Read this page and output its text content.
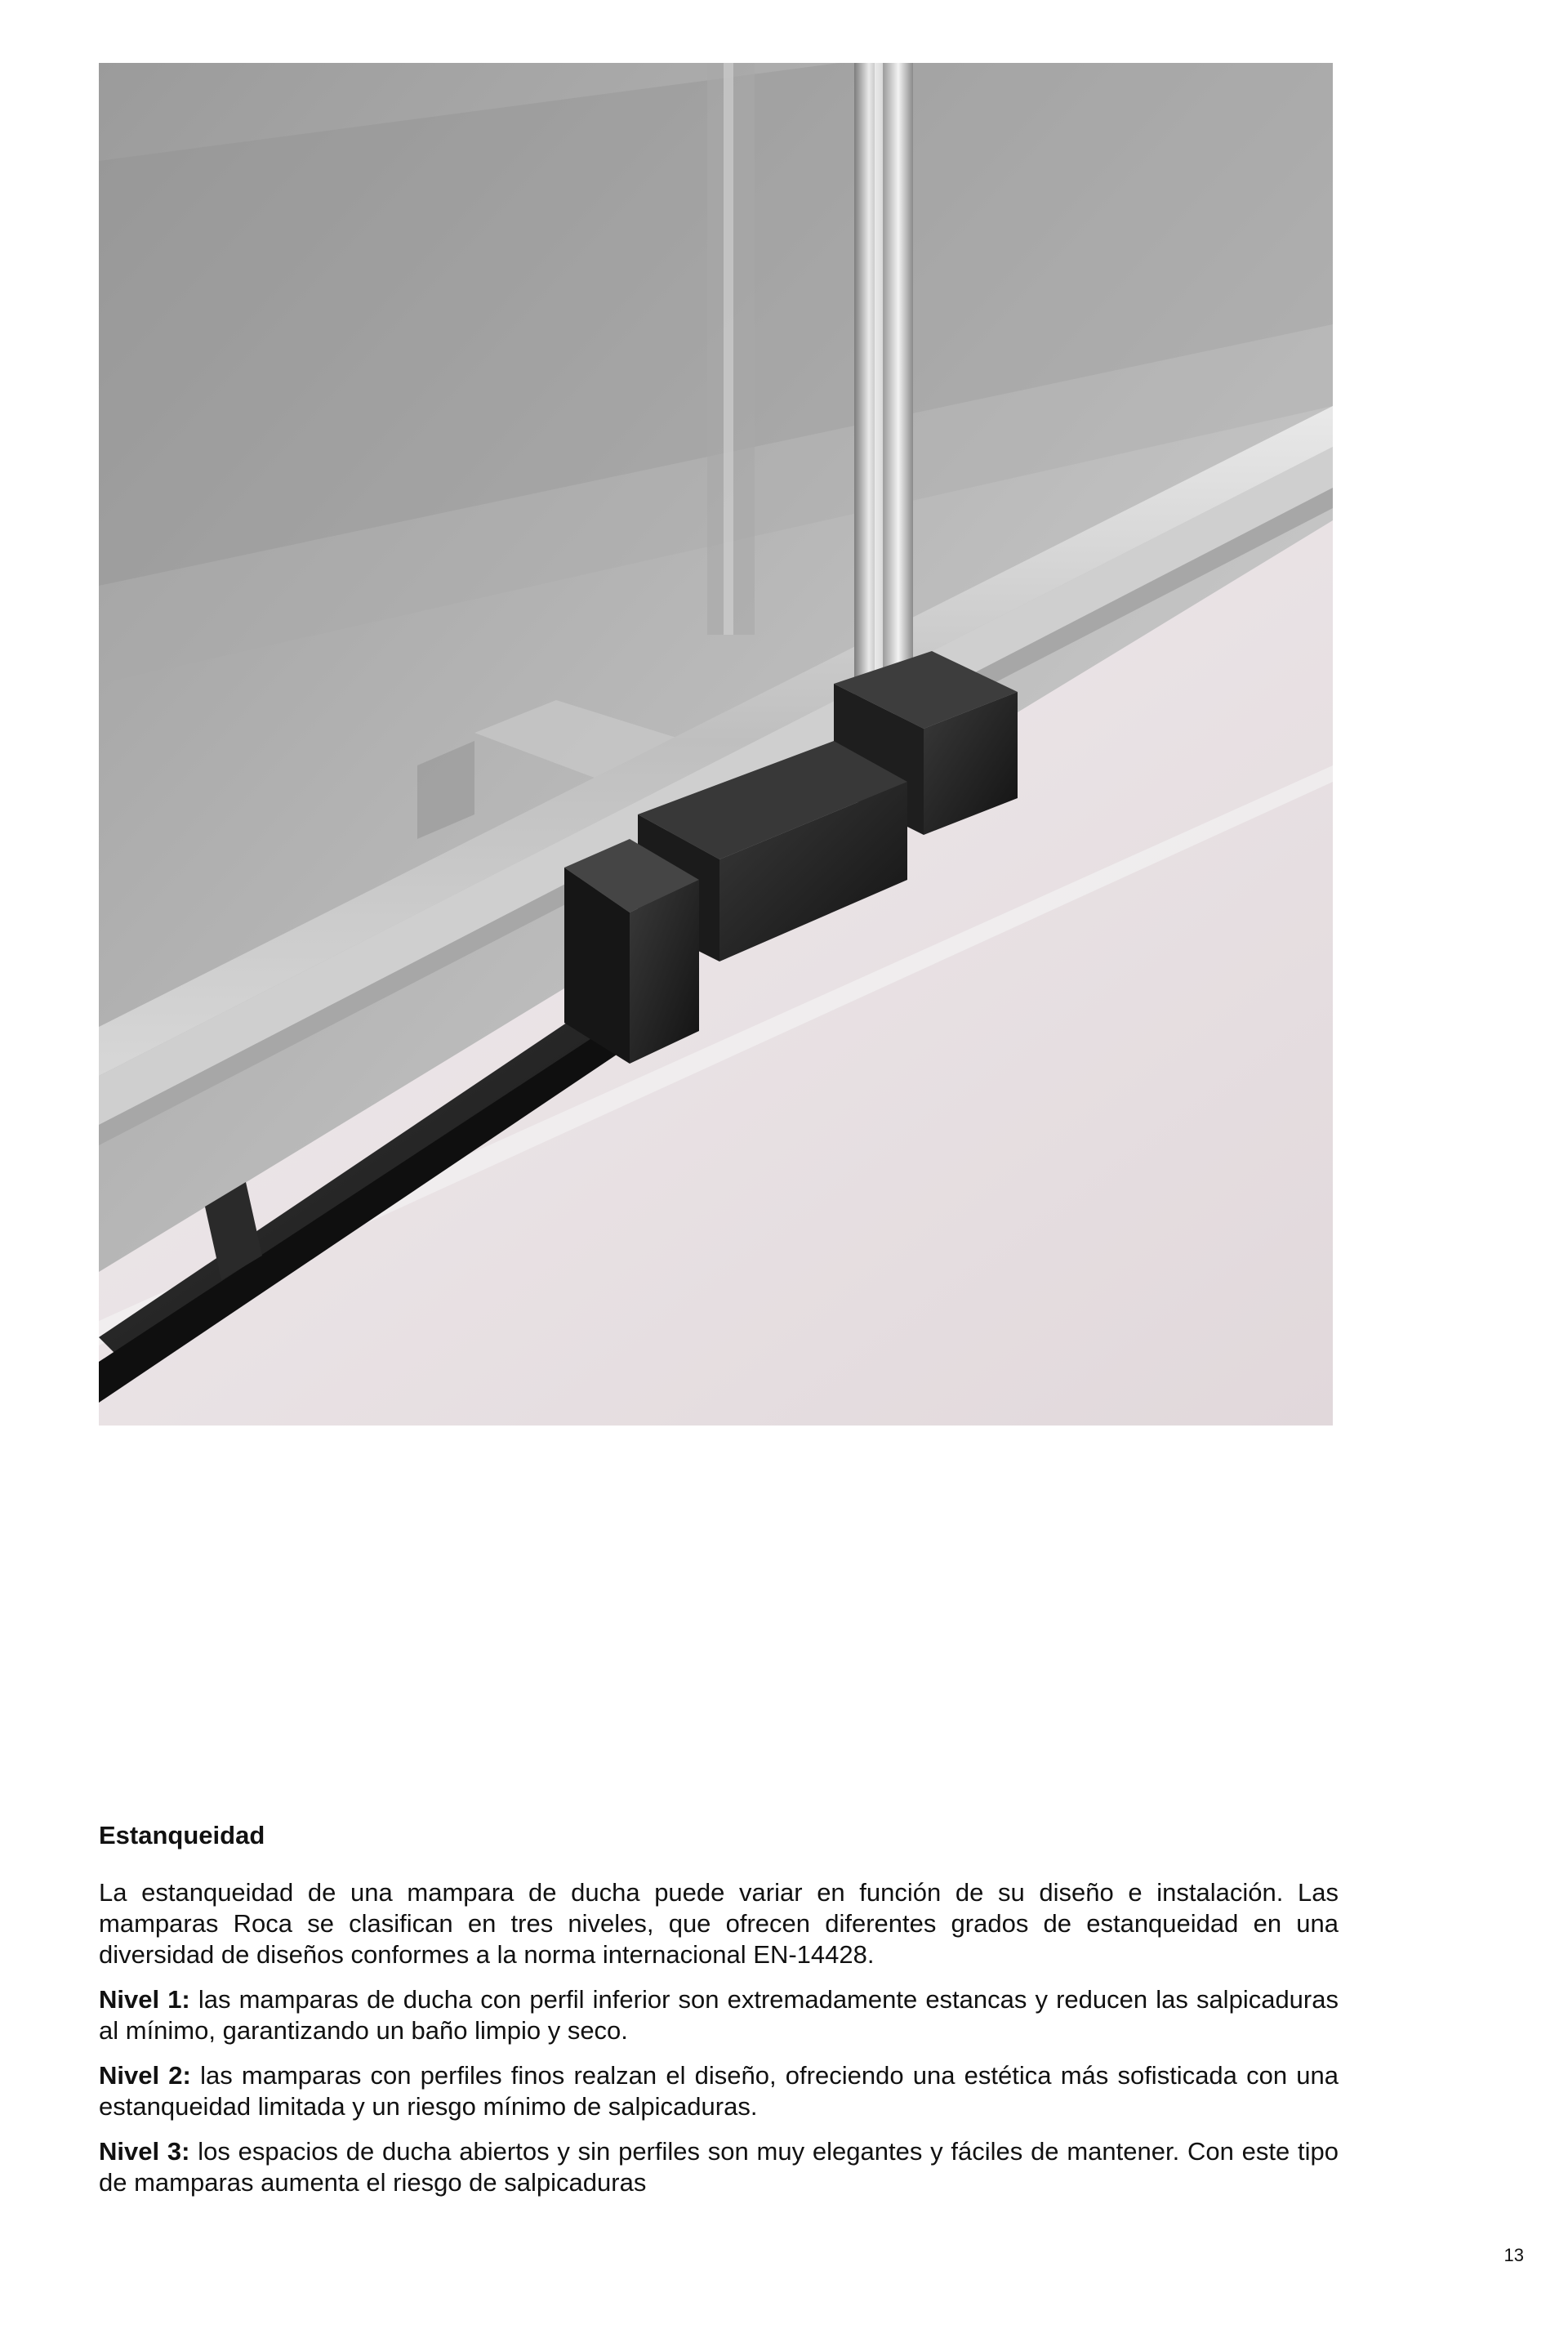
Estanqueidad

La estanqueidad de una mampara de ducha puede variar en función de su diseño e instalación. Las mamparas Roca se clasifican en tres niveles, que ofrecen diferentes grados de estanqueidad en una diversidad de diseños conformes a la norma internacional EN-14428.

Nivel 1: las mamparas de ducha con perfil inferior son extremadamente estancas y reducen las salpicaduras al mínimo, garantizando un baño limpio y seco.

Nivel 2: las mamparas con perfiles finos realzan el diseño, ofreciendo una estética más sofisticada con una estanqueidad limitada y un riesgo mínimo de salpicaduras.

Nivel 3: los espacios de ducha abiertos y sin perfiles son muy elegantes y fáciles de mantener. Con este tipo de mamparas aumenta el riesgo de salpicaduras

13
